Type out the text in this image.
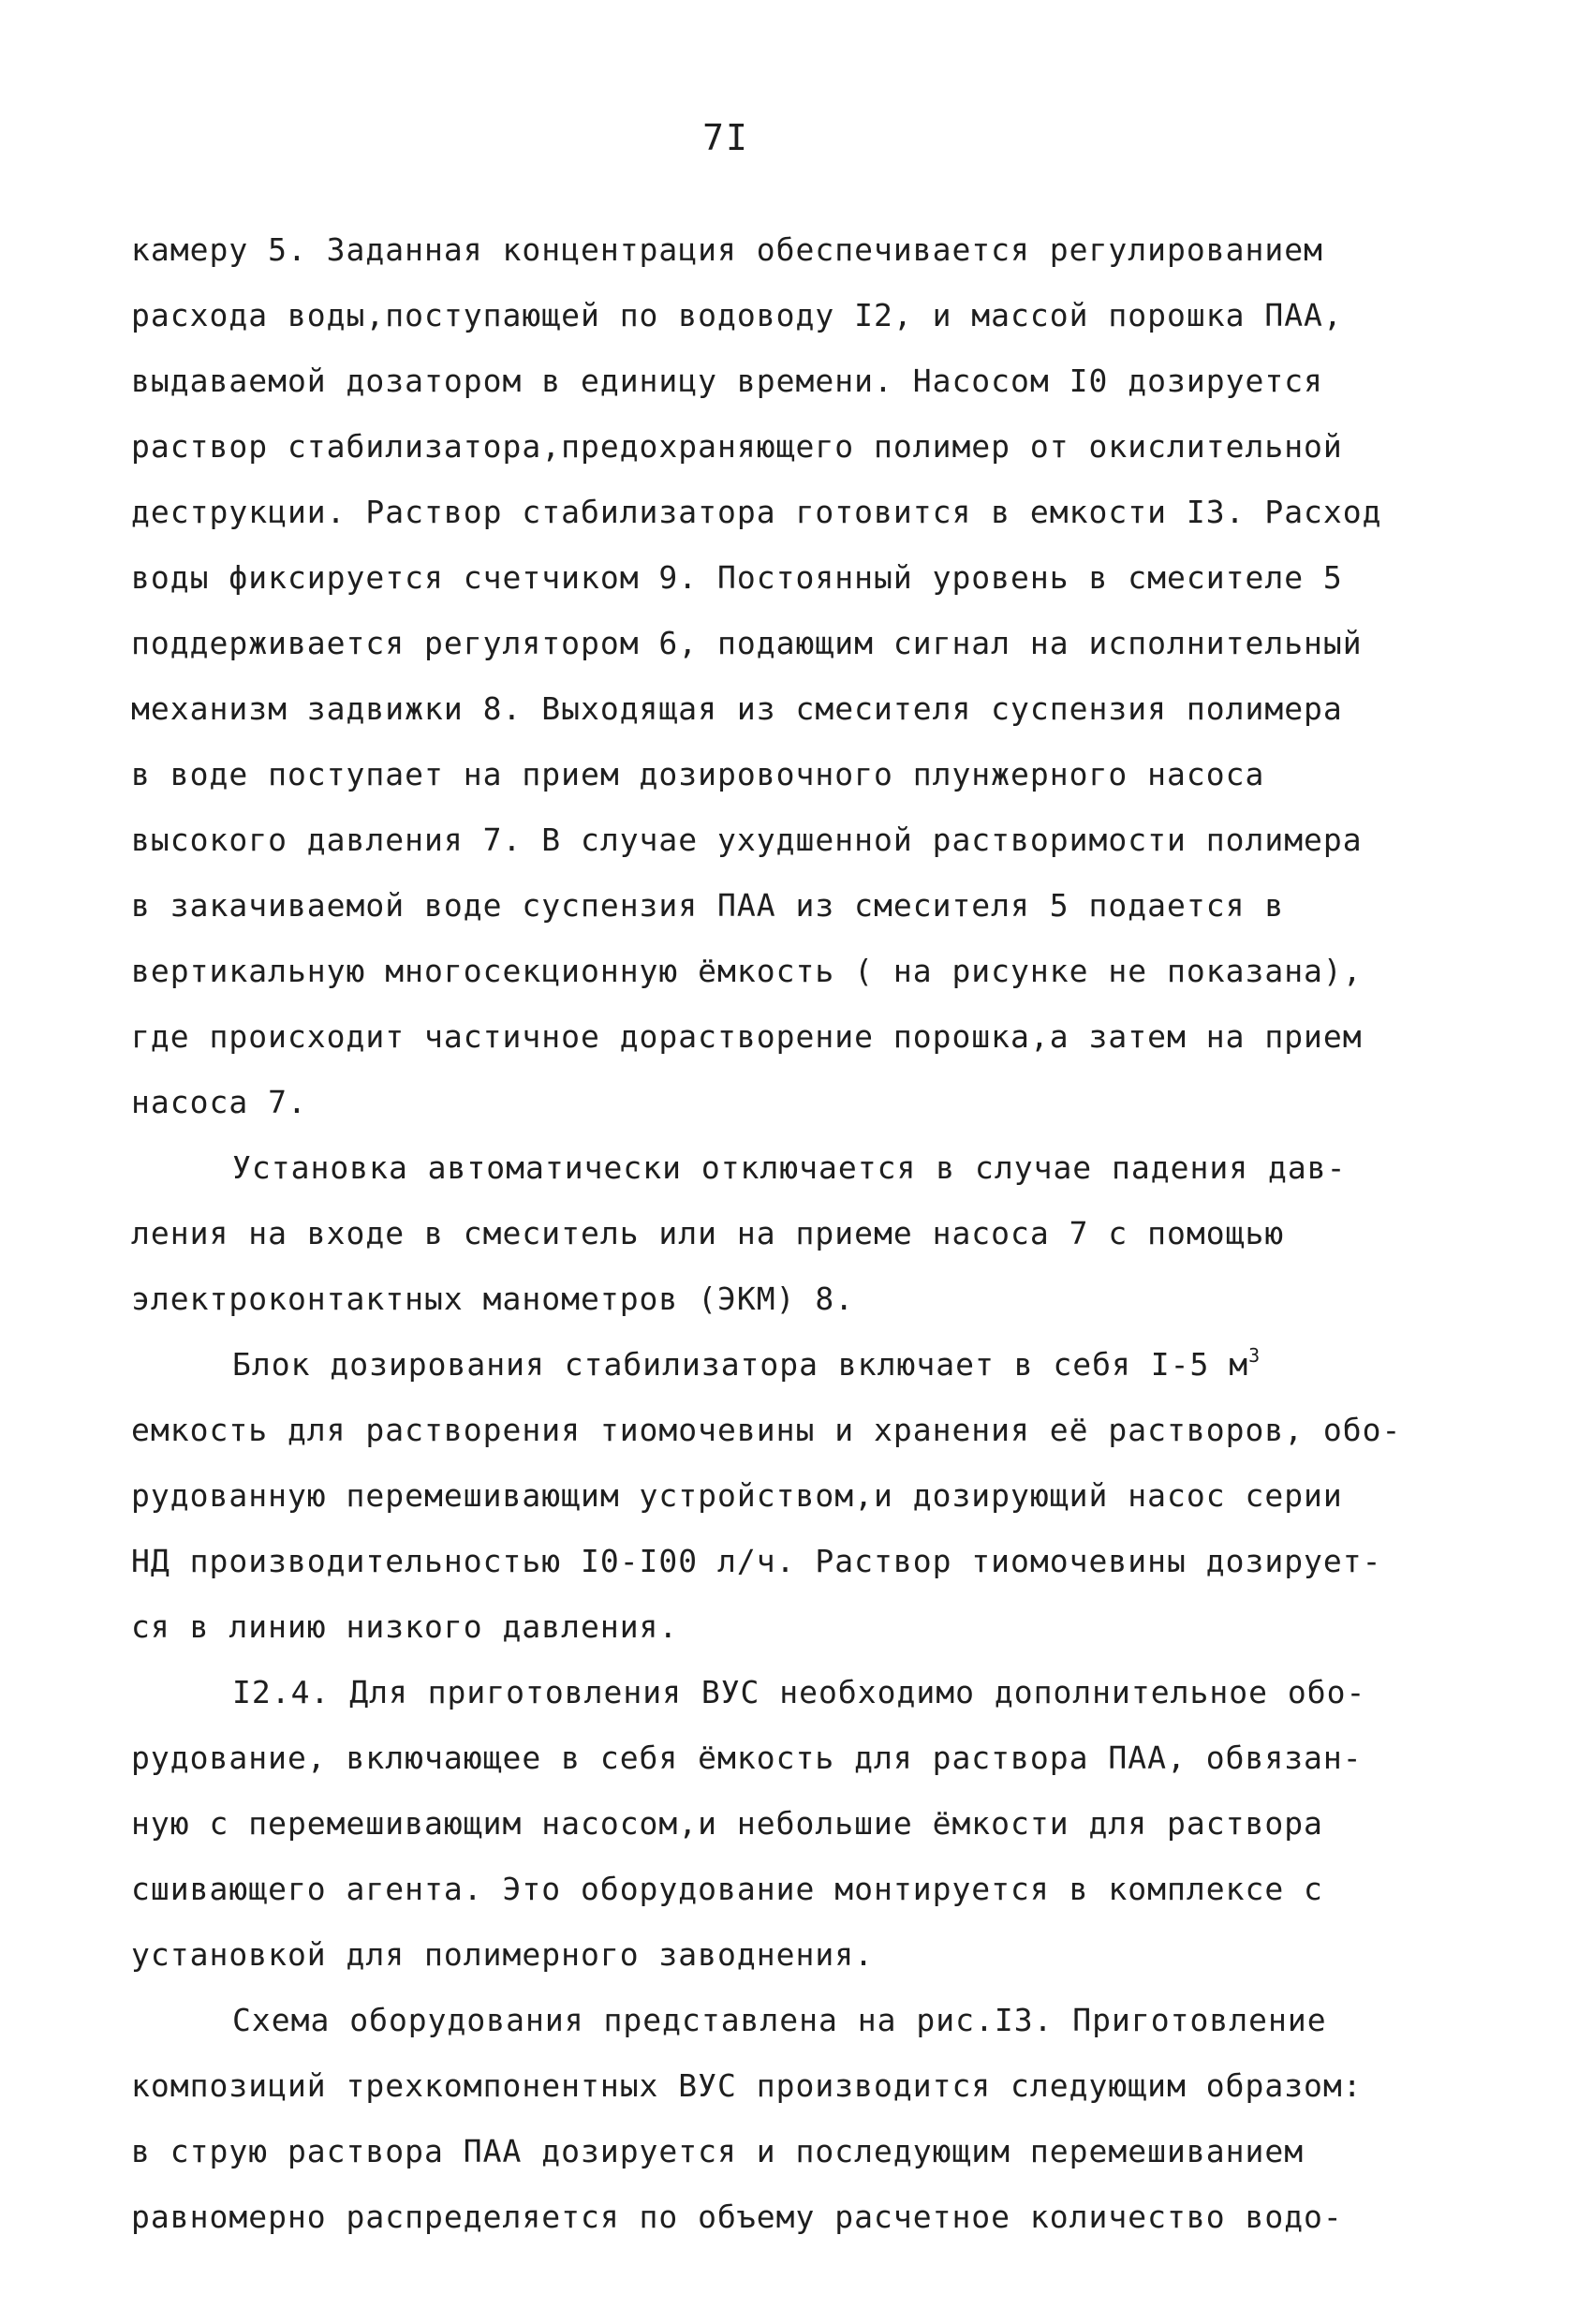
7I
камеру 5. Заданная концентрация обеспечивается регулированием
расхода воды,поступающей по водоводу I2, и массой порошка ПАА,
выдаваемой дозатором в единицу времени. Насосом I0 дозируется
раствор стабилизатора,предохраняющего полимер от окислительной
деструкции. Раствор стабилизатора готовится в емкости I3. Расход
воды фиксируется счетчиком 9. Постоянный уровень в смесителе 5
поддерживается регулятором 6, подающим сигнал на исполнительный
механизм задвижки 8. Выходящая из смесителя суспензия полимера
в воде поступает на прием дозировочного плунжерного насоса
высокого давления 7. В случае ухудшенной растворимости полимера
в закачиваемой воде суспензия ПАА из смесителя 5 подается в
вертикальную многосекционную ёмкость ( на рисунке не показана),
где происходит частичное дорастворение порошка,а затем на прием
насоса 7.
Установка автоматически отключается в случае падения дав-
ления на входе в смеситель или на приеме насоса 7 с помощью
электроконтактных манометров (ЭКМ) 8.
Блок дозирования стабилизатора включает в себя I-5 $м^3$
емкость для растворения тиомочевины и хранения её растворов, обо-
рудованную перемешивающим устройством,и дозирующий насос серии
НД производительностью I0-I00 л/ч. Раствор тиомочевины дозирует-
ся в линию низкого давления.
I2.4. Для приготовления ВУС необходимо дополнительное обо-
рудование, включающее в себя ёмкость для раствора ПАА, обвязан-
ную с перемешивающим насосом,и небольшие ёмкости для раствора
сшивающего агента. Это оборудование монтируется в комплексе с
установкой для полимерного заводнения.
Схема оборудования представлена на рис.I3. Приготовление
композиций трехкомпонентных ВУС производится следующим образом:
в струю раствора ПАА дозируется и последующим перемешиванием
равномерно распределяется по объему расчетное количество водо-
